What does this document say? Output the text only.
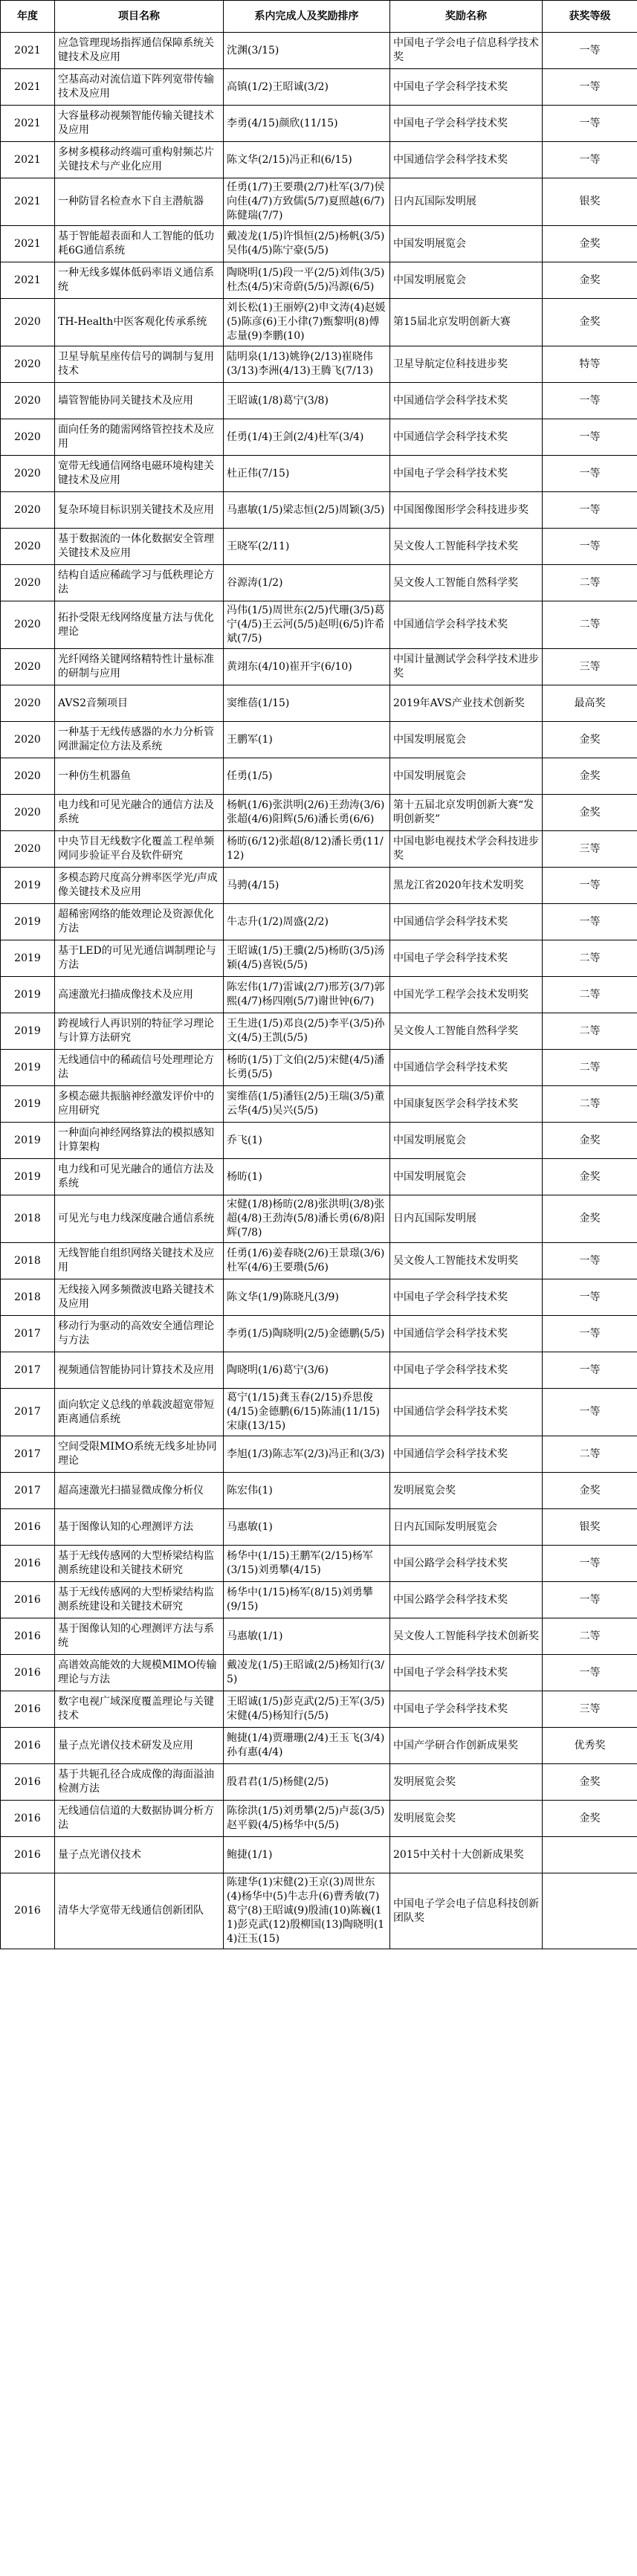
年度	项目名称	系内完成人及奖励排序	奖励名称	获奖等级
2021	应急管理现场指挥通信保障系统关键技术及应用	沈渊(3/15)	中国电子学会电子信息科学技术奖	一等
2021	空基高动对流信道下阵列宽带传输技术及应用	高镇(1/2)王昭诚(3/2)	中国电子学会科学技术奖	一等
2021	大容量移动视频智能传输关键技术及应用	李勇(4/15)颜欣(11/15)	中国电子学会科学技术奖	一等
2021	多树多模移动终端可重构射频芯片关键技术与产业化应用	陈文华(2/15)冯正和(6/15)	中国通信学会科学技术奖	一等
2021	一种防冒名检查水下自主潜航器	任勇(1/7)王要瓒(2/7)杜军(3/7)侯向佳(4/7)方致儒(5/7)夏照越(6/7)陈健瑞(7/7)	日内瓦国际发明展	银奖
2021	基于智能超表面和人工智能的低功耗6G通信系统	戴凌龙(1/5)许惧恒(2/5)杨帆(3/5)吴伟(4/5)陈宁豪(5/5)	中国发明展览会	金奖
2021	一种无线多媒体低码率语义通信系统	陶晓明(1/5)段一平(2/5)刘伟(3/5)杜杰(4/5)宋奇蔚(5/5)冯源(6/5)	中国发明展览会	金奖
2020	TH-Health中医客观化传承系统	刘长松(1)王丽婷(2)申文涛(4)赵媛(5)陈彦(6)王小律(7)甄黎明(8)傅志量(9)李鹏(10)	第15届北京发明创新大赛	金奖
2020	卫星导航星座传信号的调制与复用技术	陆明泉(1/13)姚铮(2/13)崔晓伟(3/13)李洲(4/13)王腾飞(7/13)	卫星导航定位科技进步奖	特等
2020	墙管智能协同关键技术及应用	王昭诚(1/8)葛宁(3/8)	中国通信学会科学技术奖	一等
2020	面向任务的随需网络管控技术及应用	任勇(1/4)王剑(2/4)杜军(3/4)	中国通信学会科学技术奖	一等
2020	宽带无线通信网络电磁环境构建关键技术及应用	杜正伟(7/15)	中国电子学会科学技术奖	一等
2020	复杂环境目标识别关键技术及应用	马惠敏(1/5)梁志恒(2/5)周颖(3/5)	中国图像图形学会科技进步奖	一等
2020	基于数据流的一体化数据安全管理关键技术及应用	王晓军(2/11)	吴文俊人工智能科学技术奖	一等
2020	结构自适应稀疏学习与低秩理论方法	谷源涛(1/2)	吴文俊人工智能自然科学奖	二等
2020	拓扑受限无线网络度量方法与优化理论	冯伟(1/5)周世东(2/5)代珊(3/5)葛宁(4/5)王云河(5/5)赵明(6/5)许希斌(7/5)	中国通信学会科学技术奖	二等
2020	光纤网络关键网络精特性计量标准的研制与应用	黄翊东(4/10)崔开宇(6/10)	中国计量测试学会科学技术进步奖	三等
2020	AVS2音频项目	窦维蓓(1/15)	2019年AVS产业技术创新奖	最高奖
2020	一种基于无线传感器的水力分析管网泄漏定位方法及系统	王鹏军(1)	中国发明展览会	金奖
2020	一种仿生机器鱼	任勇(1/5)	中国发明展览会	金奖
2020	电力线和可见光融合的通信方法及系统	杨帆(1/6)张洪明(2/6)王劲涛(3/6)张超(4/6)阳辉(5/6)潘长勇(6/6)	第十五届北京发明创新大赛“发明创新奖”	金奖
2020	中央节目无线数字化覆盖工程单频网同步验证平台及软件研究	杨昉(6/12)张超(8/12)潘长勇(11/12)	中国电影电视技术学会科技进步奖	三等
2019	多模态跨尺度高分辨率医学光/声成像关键技术及应用	马骋(4/15)	黑龙江省2020年技术发明奖	一等
2019	超稀密网络的能效理论及资源优化方法	牛志升(1/2)周盛(2/2)	中国通信学会科学技术奖	一等
2019	基于LED的可见光通信调制理论与方法	王昭诚(1/5)王骥(2/5)杨昉(3/5)汤颖(4/5)喜锐(5/5)	中国电子学会科学技术奖	二等
2019	高速激光扫描成像技术及应用	陈宏伟(1/7)雷诚(2/7)邢芳(3/7)郭熙(4/7)杨四刚(5/7)谢世钟(6/7)	中国光学工程学会技术发明奖	二等
2019	跨视域行人再识别的特征学习理论与计算方法研究	王生进(1/5)邓良(2/5)李平(3/5)孙文(4/5)王凯(5/5)	吴文俊人工智能自然科学奖	二等
2019	无线通信中的稀疏信号处理理论方法	杨昉(1/5)丁文伯(2/5)宋健(4/5)潘长勇(5/5)	中国通信学会科学技术奖	二等
2019	多模态磁共振脑神经激发评价中的应用研究	窦维蓓(1/5)潘钰(2/5)王瑞(3/5)董云华(4/5)吴兴(5/5)	中国康复医学会科学技术奖	二等
2019	一种面向神经网络算法的模拟感知计算架构	乔飞(1)	中国发明展览会	金奖
2019	电力线和可见光融合的通信方法及系统	杨昉(1)	中国发明展览会	金奖
2018	可见光与电力线深度融合通信系统	宋健(1/8)杨昉(2/8)张洪明(3/8)张超(4/8)王劲涛(5/8)潘长勇(6/8)阳辉(7/8)	日内瓦国际发明展	金奖
2018	无线智能自组织网络关键技术及应用	任勇(1/6)姜春晓(2/6)王景璟(3/6)杜军(4/6)王要瓒(5/6)	吴文俊人工智能技术发明奖	一等
2018	无线接入网多频微波电路关键技术及应用	陈文华(1/9)陈晓凡(3/9)	中国电子学会科学技术奖	一等
2017	移动行为驱动的高效安全通信理论与方法	李勇(1/5)陶晓明(2/5)金德鹏(5/5)	中国通信学会科学技术奖	一等
2017	视频通信智能协同计算技术及应用	陶晓明(1/6)葛宁(3/6)	中国电子学会科学技术奖	一等
2017	面向软定义总线的单载波超宽带短距离通信系统	葛宁(1/15)龚玉春(2/15)乔思俊(4/15)金德鹏(6/15)陈浦(11/15)宋康(13/15)	中国通信学会科学技术奖	一等
2017	空间受限MIMO系统无线多址协同理论	李旭(1/3)陈志军(2/3)冯正和(3/3)	中国通信学会科学技术奖	二等
2017	超高速激光扫描显微成像分析仪	陈宏伟(1)	发明展览会奖	金奖
2016	基于图像认知的心理测评方法	马惠敏(1)	日内瓦国际发明展览会	银奖
2016	基于无线传感网的大型桥梁结构监测系统建设和关键技术研究	杨华中(1/15)王鹏军(2/15)杨军(3/15)刘勇攀(4/15)	中国公路学会科学技术奖	一等
2016	基于无线传感网的大型桥梁结构监测系统建设和关键技术研究	杨华中(1/15)杨军(8/15)刘勇攀(9/15)	中国公路学会科学技术奖	一等
2016	基于图像认知的心理测评方法与系统	马惠敏(1/1)	吴文俊人工智能科学技术创新奖	二等
2016	高谱效高能效的大规模MIMO传输理论与方法	戴凌龙(1/5)王昭诚(2/5)杨知行(3/5)	中国电子学会科学技术奖	一等
2016	数字电视广域深度覆盖理论与关键技术	王昭诚(1/5)彭克武(2/5)王军(3/5)宋健(4/5)杨知行(5/5)	中国电子学会科学技术奖	三等
2016	量子点光谱仪技术研发及应用	鲍捷(1/4)贾珊珊(2/4)王玉飞(3/4)孙有惠(4/4)	中国产学研合作创新成果奖	优秀奖
2016	基于共轭孔径合成成像的海面溢油检测方法	殷君君(1/5)杨健(2/5)	发明展览会奖	金奖
2016	无线通信信道的大数据协调分析方法	陈徐洪(1/5)刘勇攀(2/5)卢蕊(3/5)赵平毅(4/5)杨华中(5/5)	发明展览会奖	金奖
2016	量子点光谱仪技术	鲍捷(1/1)	2015中关村十大创新成果奖	
2016	清华大学宽带无线通信创新团队	陈建华(1)宋健(2)王京(3)周世东(4)杨华中(5)牛志升(6)曹秀敏(7)葛宁(8)王昭诚(9)殷浦(10)陈巍(11)彭克武(12)殷柳国(13)陶晓明(14)汪玉(15)	中国电子学会电子信息科技创新团队奖	
